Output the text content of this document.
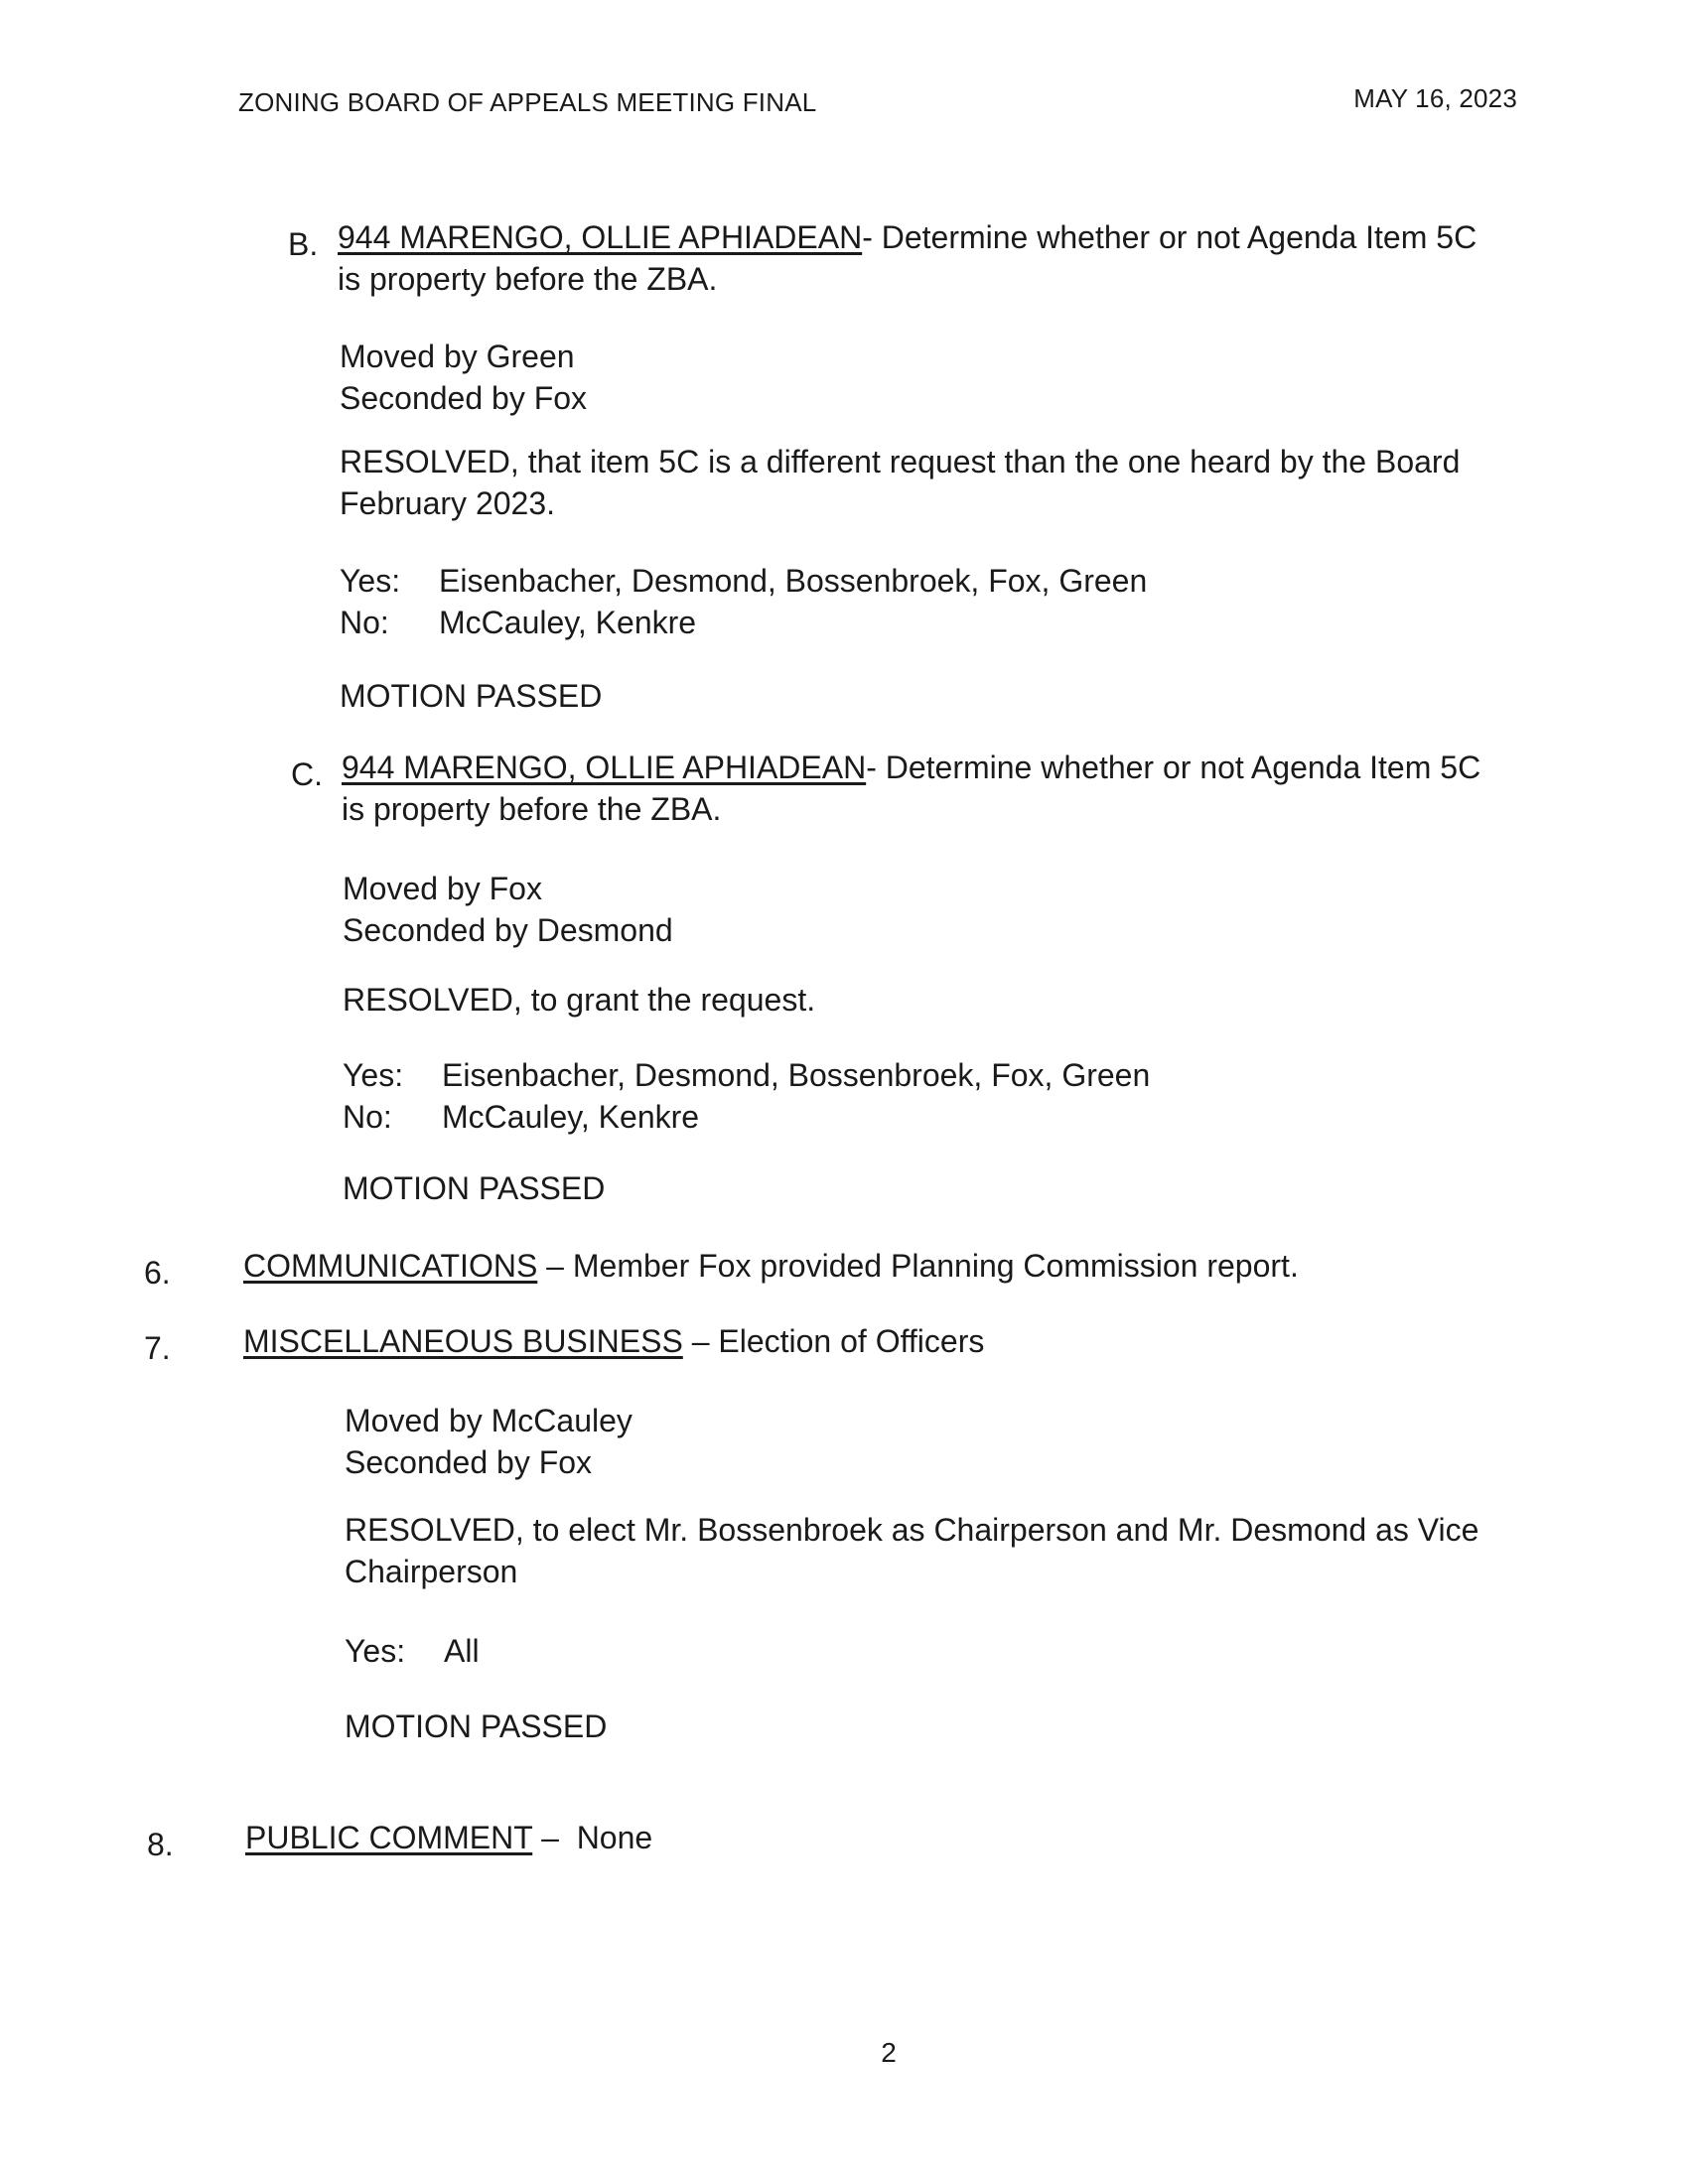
ZONING BOARD OF APPEALS MEETING FINAL	MAY 16, 2023
B. 944 MARENGO, OLLIE APHIADEAN- Determine whether or not Agenda Item 5C
is property before the ZBA.
Moved by Green
Seconded by Fox
RESOLVED, that item 5C is a different request than the one heard by the Board
February 2023.
Yes: Eisenbacher, Desmond, Bossenbroek, Fox, Green
No: McCauley, Kenkre
MOTION PASSED
C. 944 MARENGO, OLLIE APHIADEAN- Determine whether or not Agenda Item 5C
is property before the ZBA.
Moved by Fox
Seconded by Desmond
RESOLVED, to grant the request.
Yes: Eisenbacher, Desmond, Bossenbroek, Fox, Green
No: McCauley, Kenkre
MOTION PASSED
6. COMMUNICATIONS – Member Fox provided Planning Commission report.
7. MISCELLANEOUS BUSINESS – Election of Officers
Moved by McCauley
Seconded by Fox
RESOLVED, to elect Mr. Bossenbroek as Chairperson and Mr. Desmond as Vice
Chairperson
Yes: All
MOTION PASSED
8. PUBLIC COMMENT –  None
2
